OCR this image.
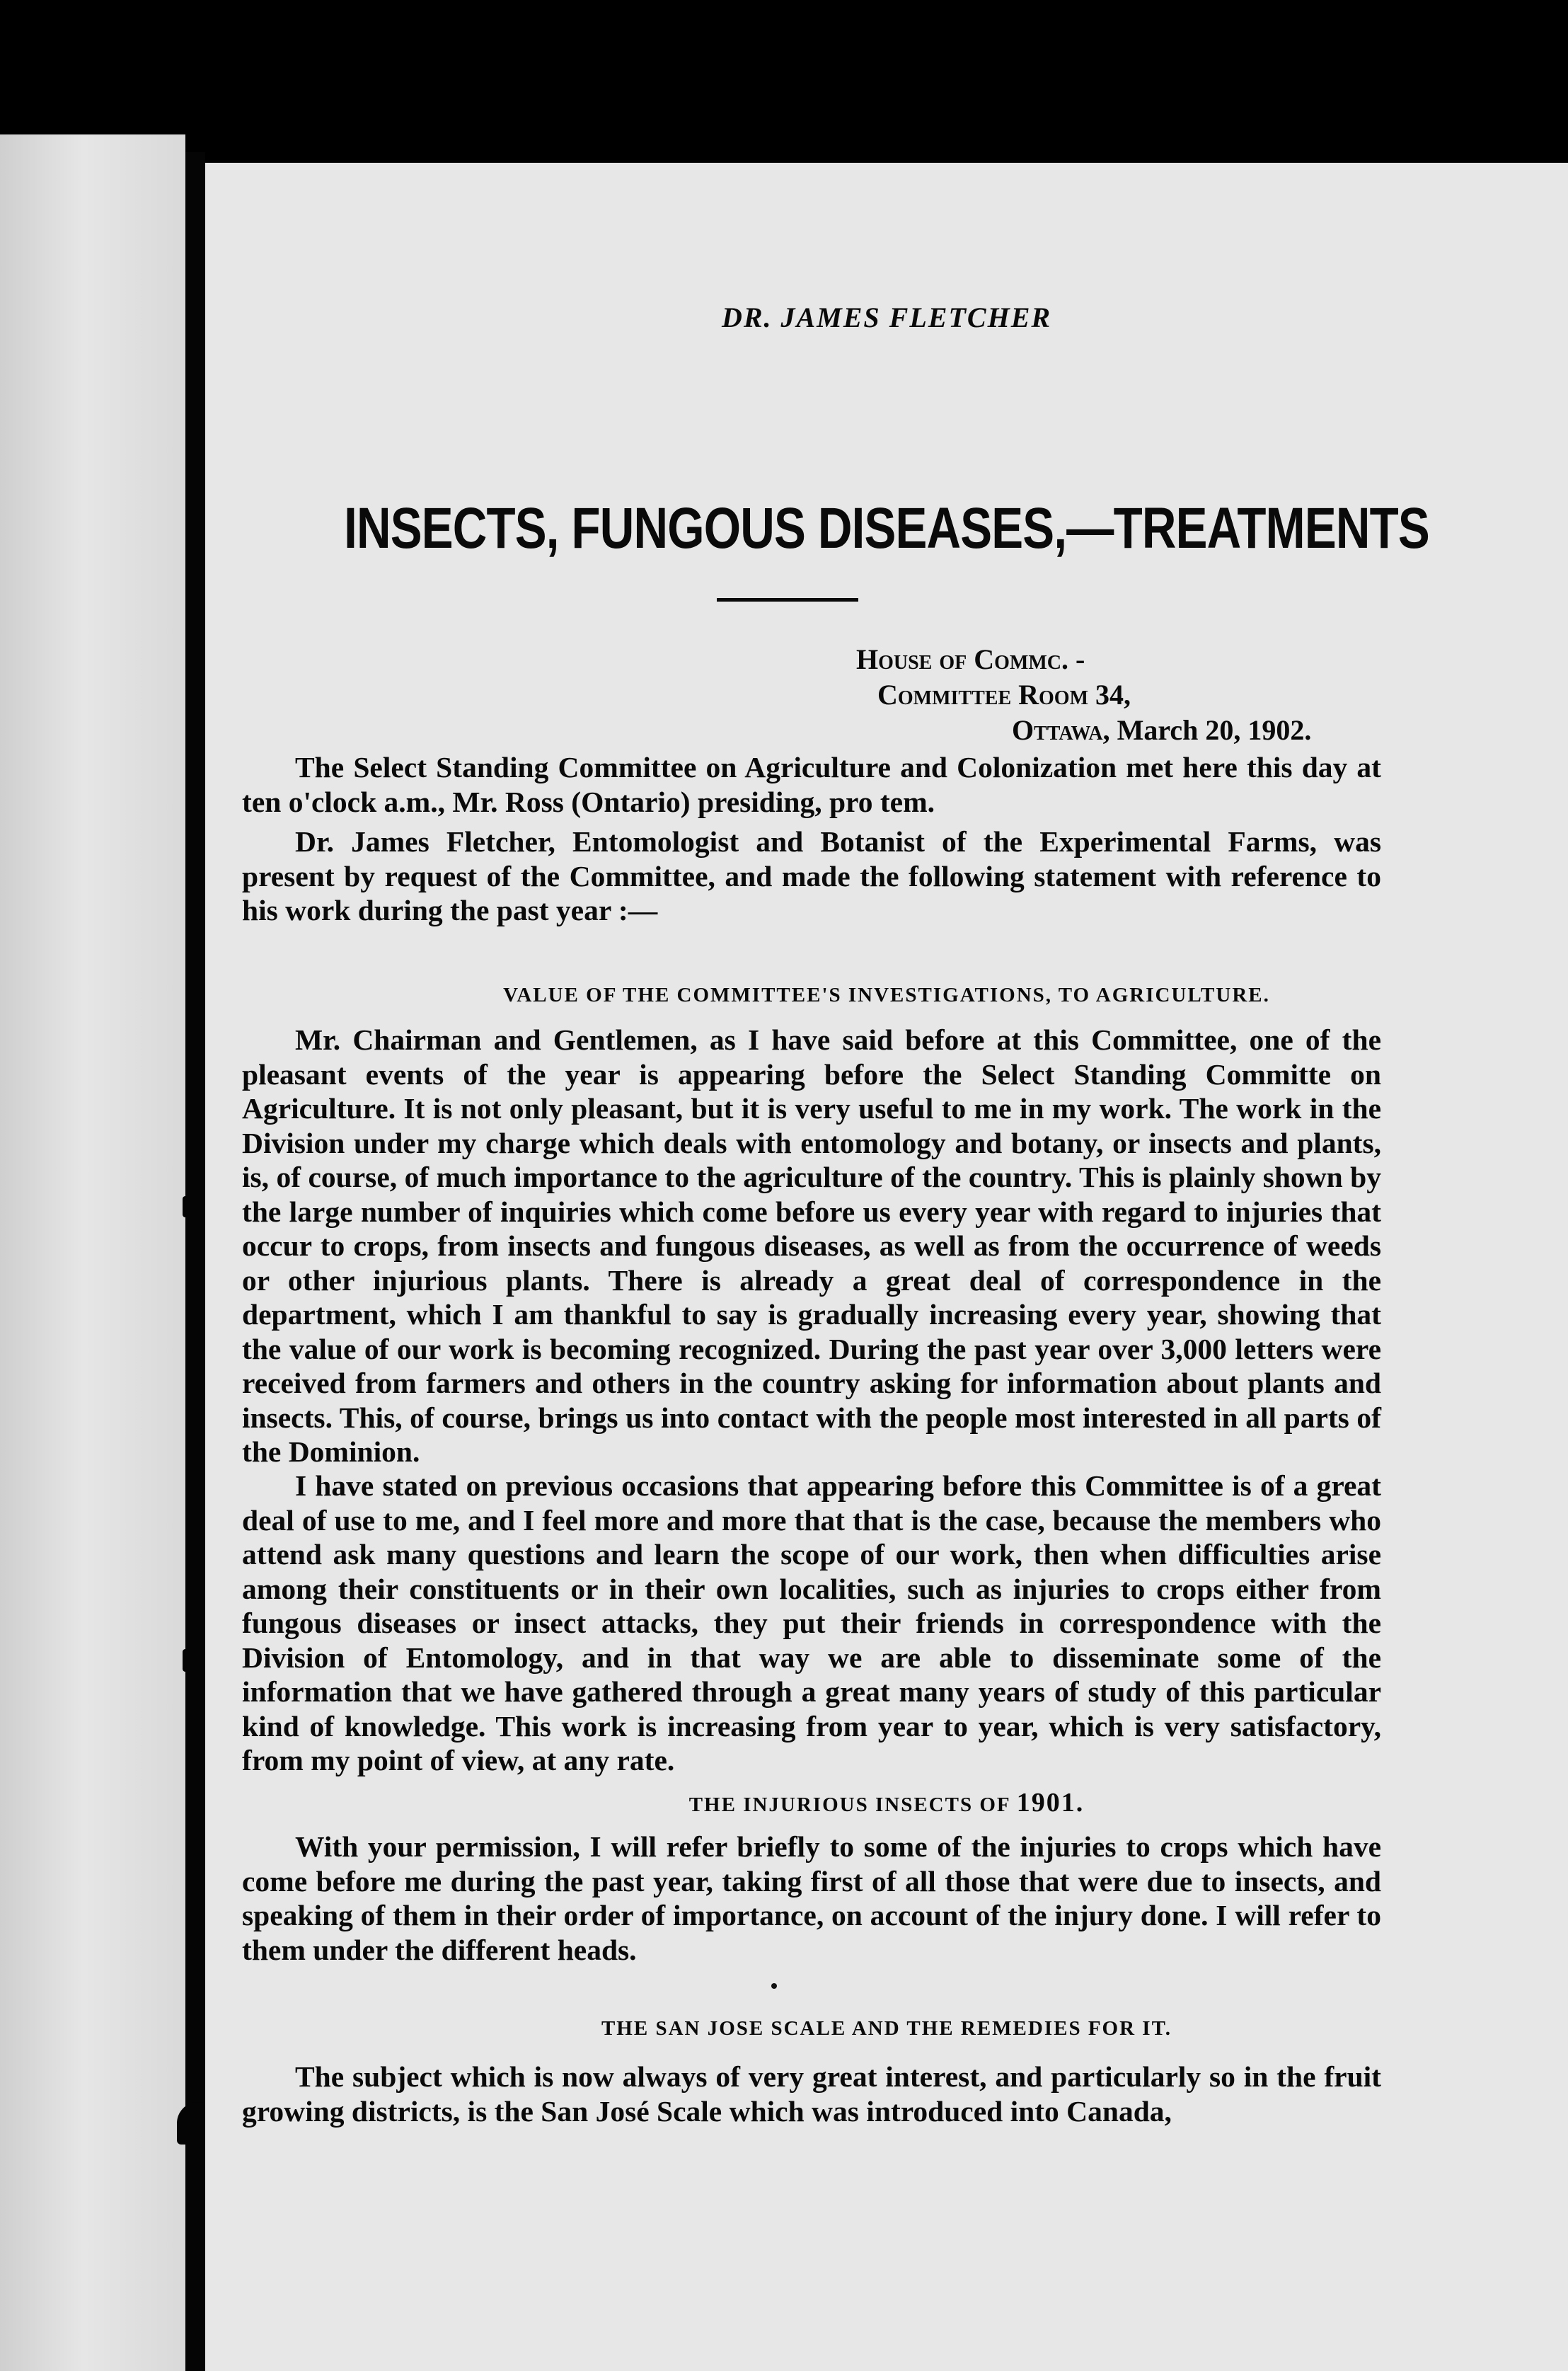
DR. JAMES FLETCHER
INSECTS, FUNGOUS DISEASES,—TREATMENTS
House of Commc. -
Committee Room 34,
Ottawa, March 20, 1902.

The Select Standing Committee on Agriculture and Colonization met here this day at ten o'clock a.m., Mr. Ross (Ontario) presiding, pro tem.

Dr. James Fletcher, Entomologist and Botanist of the Experimental Farms, was present by request of the Committee, and made the following statement with reference to his work during the past year :—

VALUE OF THE COMMITTEE'S INVESTIGATIONS, TO AGRICULTURE.

Mr. Chairman and Gentlemen, as I have said before at this Committee, one of the pleasant events of the year is appearing before the Select Standing Committe on Agriculture. It is not only pleasant, but it is very useful to me in my work. The work in the Division under my charge which deals with entomology and botany, or insects and plants, is, of course, of much importance to the agriculture of the country. This is plainly shown by the large number of inquiries which come before us every year with regard to injuries that occur to crops, from insects and fungous diseases, as well as from the occurrence of weeds or other injurious plants. There is already a great deal of correspondence in the department, which I am thankful to say is gradually increasing every year, showing that the value of our work is becoming recognized. During the past year over 3,000 letters were received from farmers and others in the country asking for information about plants and insects. This, of course, brings us into contact with the people most interested in all parts of the Dominion.

I have stated on previous occasions that appearing before this Committee is of a great deal of use to me, and I feel more and more that that is the case, because the members who attend ask many questions and learn the scope of our work, then when difficulties arise among their constituents or in their own localities, such as injuries to crops either from fungous diseases or insect attacks, they put their friends in correspondence with the Division of Entomology, and in that way we are able to disseminate some of the information that we have gathered through a great many years of study of this particular kind of knowledge. This work is increasing from year to year, which is very satisfactory, from my point of view, at any rate.

THE INJURIOUS INSECTS OF 1901.

With your permission, I will refer briefly to some of the injuries to crops which have come before me during the past year, taking first of all those that were due to insects, and speaking of them in their order of importance, on account of the injury done. I will refer to them under the different heads.

THE SAN JOSE SCALE AND THE REMEDIES FOR IT.

The subject which is now always of very great interest, and particularly so in the fruit growing districts, is the San José Scale which was introduced into Canada,
